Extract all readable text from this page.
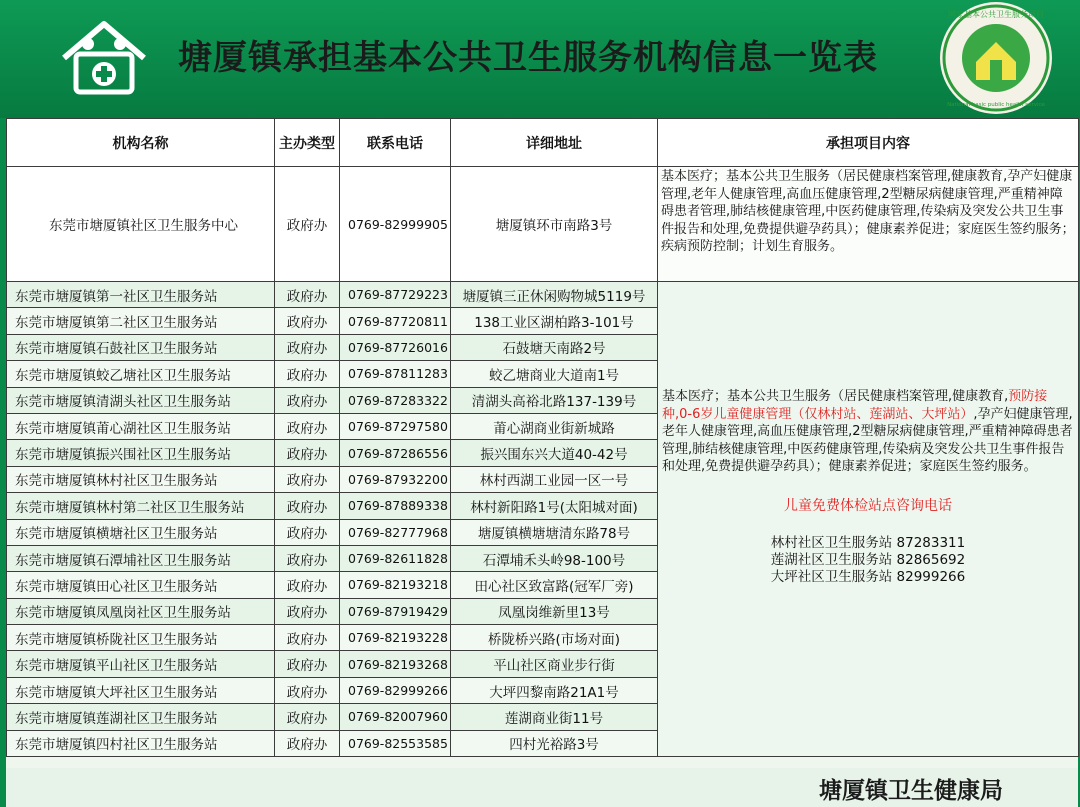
塘厦镇承担基本公共卫生服务机构信息一览表
国家基本公共卫生服务项目
National basic public health service
机构名称	主办类型	联系电话	详细地址	承担项目内容
东莞市塘厦镇社区卫生服务中心	政府办	0769-82999905	塘厦镇环市南路3号	基本医疗；基本公共卫生服务（居民健康档案管理,健康教育,孕产妇健康管理,老年人健康管理,高血压健康管理,2型糖尿病健康管理,严重精神障碍患者管理,肺结核健康管理,中医药健康管理,传染病及突发公共卫生事件报告和处理,免费提供避孕药具）；健康素养促进；家庭医生签约服务；疾病预防控制；计划生育服务。
东莞市塘厦镇第一社区卫生服务站	政府办	0769-87729223	塘厦镇三正休闲购物城5119号	基本医疗；基本公共卫生服务（居民健康档案管理,健康教育,预防接种,0-6岁儿童健康管理（仅林村站、莲湖站、大坪站）,孕产妇健康管理,老年人健康管理,高血压健康管理,2型糖尿病健康管理,严重精神障碍患者管理,肺结核健康管理,中医药健康管理,传染病及突发公共卫生事件报告和处理,免费提供避孕药具）；健康素养促进；家庭医生签约服务。
儿童免费体检站点咨询电话
林村社区卫生服务站 87283311
莲湖社区卫生服务站 82865692
大坪社区卫生服务站 82999266

东莞市塘厦镇第二社区卫生服务站	政府办	0769-87720811	138工业区湖柏路3-101号	
东莞市塘厦镇石鼓社区卫生服务站	政府办	0769-87726016	石鼓塘天南路2号	
东莞市塘厦镇蛟乙塘社区卫生服务站	政府办	0769-87811283	蛟乙塘商业大道南1号	
东莞市塘厦镇清湖头社区卫生服务站	政府办	0769-87283322	清湖头高裕北路137-139号	
东莞市塘厦镇莆心湖社区卫生服务站	政府办	0769-87297580	莆心湖商业街新城路	
东莞市塘厦镇振兴围社区卫生服务站	政府办	0769-87286556	振兴围东兴大道40-42号	
东莞市塘厦镇林村社区卫生服务站	政府办	0769-87932200	林村西湖工业园一区一号	
东莞市塘厦镇林村第二社区卫生服务站	政府办	0769-87889338	林村新阳路1号(太阳城对面)	
东莞市塘厦镇横塘社区卫生服务站	政府办	0769-82777968	塘厦镇横塘塘清东路78号	
东莞市塘厦镇石潭埔社区卫生服务站	政府办	0769-82611828	石潭埔禾头岭98-100号	
东莞市塘厦镇田心社区卫生服务站	政府办	0769-82193218	田心社区致富路(冠军厂旁)	
东莞市塘厦镇凤凰岗社区卫生服务站	政府办	0769-87919429	凤凰岗维新里13号	
东莞市塘厦镇桥陇社区卫生服务站	政府办	0769-82193228	桥陇桥兴路(市场对面)	
东莞市塘厦镇平山社区卫生服务站	政府办	0769-82193268	平山社区商业步行街	
东莞市塘厦镇大坪社区卫生服务站	政府办	0769-82999266	大坪四黎南路21A1号	
东莞市塘厦镇莲湖社区卫生服务站	政府办	0769-82007960	莲湖商业街11号	
东莞市塘厦镇四村社区卫生服务站	政府办	0769-82553585	四村光裕路3号	
塘厦镇卫生健康局
